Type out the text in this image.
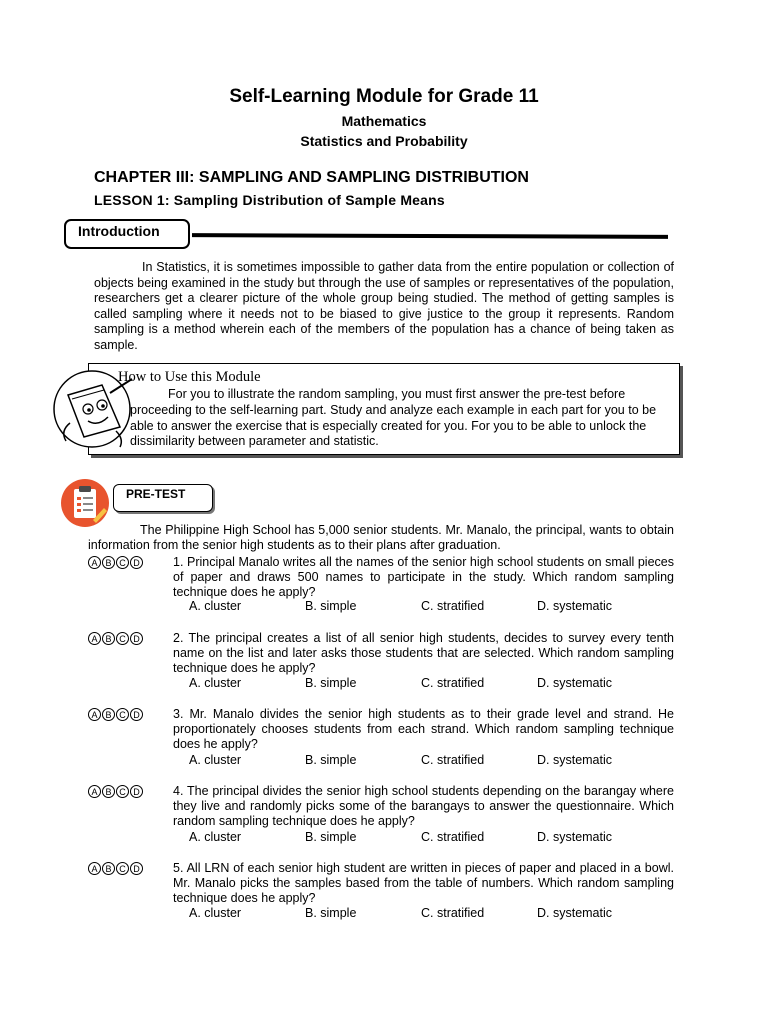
Self-Learning Module for Grade 11
Mathematics
Statistics and Probability
CHAPTER III: SAMPLING AND SAMPLING DISTRIBUTION
LESSON 1: Sampling Distribution of Sample Means
Introduction
In Statistics, it is sometimes impossible to gather data from the entire population or collection of objects being examined in the study but through the use of samples or representatives of the population, researchers get a clearer picture of the whole group being studied. The method of getting samples is called sampling where it needs not to be biased to give justice to the group it represents. Random sampling is a method wherein each of the members of the population has a chance of being taken as sample.
How to Use this Module
For you to illustrate the random sampling, you must first answer the pre-test before proceeding to the self-learning part. Study and analyze each example in each part for you to be able to answer the exercise that is especially created for you. For you to be able to unlock the dissimilarity between parameter and statistic.
PRE-TEST
The Philippine High School has 5,000 senior students. Mr. Manalo, the principal, wants to obtain information from the senior high students as to their plans after graduation.
A B C D	1. Principal Manalo writes all the names of the senior high school students on small pieces of paper and draws 500 names to participate in the study. Which random sampling technique does he apply?
A. cluster	B. simple	C. stratified	D. systematic
A B C D	2. The principal creates a list of all senior high students, decides to survey every tenth name on the list and later asks those students that are selected. Which random sampling technique does he apply?
A. cluster	B. simple	C. stratified	D. systematic
A B C D	3. Mr. Manalo divides the senior high students as to their grade level and strand. He proportionately chooses students from each strand. Which random sampling technique does he apply?
A. cluster	B. simple	C. stratified	D. systematic
A B C D	4. The principal divides the senior high school students depending on the barangay where they live and randomly picks some of the barangays to answer the questionnaire. Which random sampling technique does he apply?
A. cluster	B. simple	C. stratified	D. systematic
A B C D	5. All LRN of each senior high student are written in pieces of paper and placed in a bowl. Mr. Manalo picks the samples based from the table of numbers. Which random sampling technique does he apply?
A. cluster	B. simple	C. stratified	D. systematic
